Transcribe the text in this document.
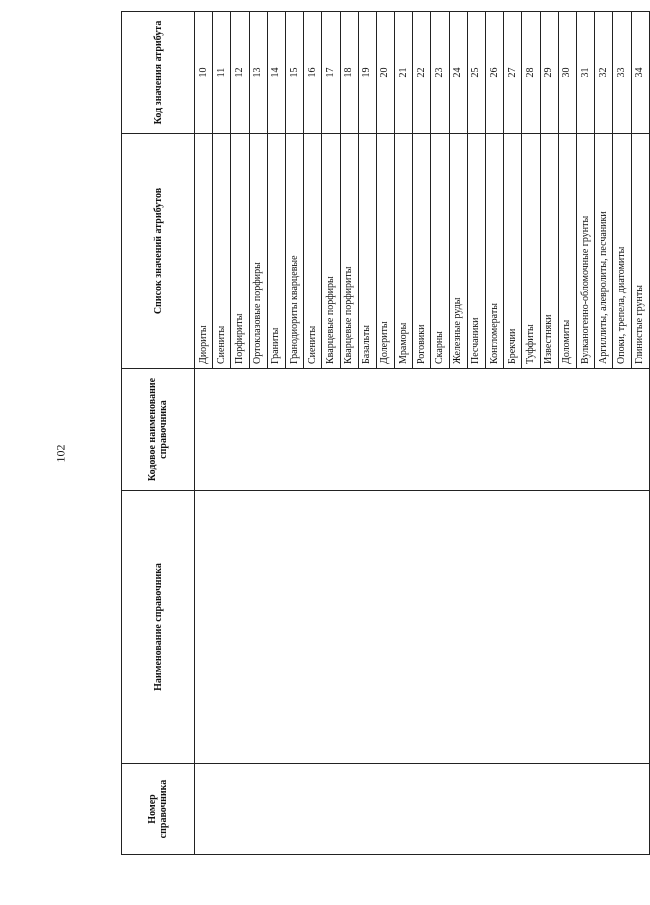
102
Номер справочника	Наименование справочника	Кодовое наименование справочника	Список значений атрибутов	Код значения атрибута
			Диориты	10
			Сиениты	11
			Порфириты	12
			Ортоклазовые порфиры	13
			Граниты	14
			Гранодиориты кварцевые	15
			Сиениты	16
			Кварцевые порфиры	17
			Кварцевые порфириты	18
			Базальты	19
			Долериты	20
			Мраморы	21
			Роговики	22
			Скарны	23
			Железные руды	24
			Песчаники	25
			Конгломераты	26
			Брекчии	27
			Туффиты	28
			Известняки	29
			Доломиты	30
			Вулканогенно-обломочные грунты	31
			Аргиллиты, алевролиты, песчаники	32
			Опоки, трепела, диатомиты	33
			Глинистые грунты	34
